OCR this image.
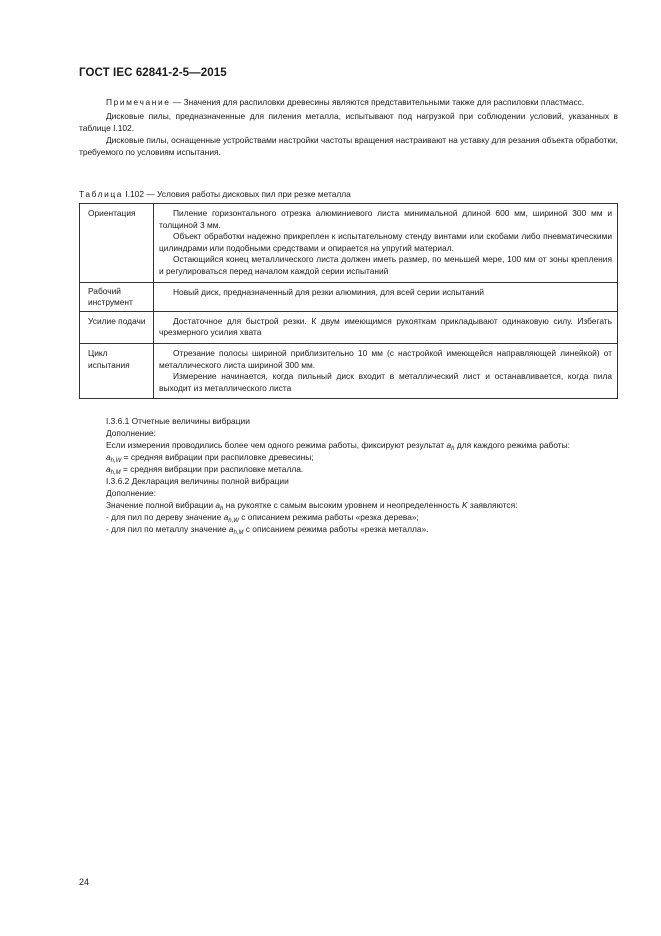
ГОСТ IEC 62841-2-5—2015

Примечание — Значения для распиловки древесины являются представительными также для распиловки пластмасс.

Дисковые пилы, предназначенные для пиления металла, испытывают под нагрузкой при соблюдении условий, указанных в таблице I.102.

Дисковые пилы, оснащенные устройствами настройки частоты вращения настраивают на уставку для резания объекта обработки, требуемого по условиям испытания.

Таблица I.102 — Условия работы дисковых пил при резке металла
Ориентация	Пиление горизонтального отрезка алюминиевого листа минимальной длиной 600 мм, шириной 300 мм и толщиной 3 мм.

Объект обработки надежно прикреплен к испытательному стенду винтами или скобами либо пневматическими цилиндрами или подобными средствами и опирается на упругий материал.

Остающийся конец металлического листа должен иметь размер, по меньшей мере, 100 мм от зоны крепления и регулироваться перед началом каждой серии испытаний

Рабочий инструмент	Новый диск, предназначенный для резки алюминия, для всей серии испытаний

Усилие подачи	Достаточное для быстрой резки. К двум имеющимся рукояткам прикладывают одинаковую силу. Избегать чрезмерного усилия хвата

Цикл испытания	Отрезание полосы шириной приблизительно 10 мм (с настройкой имеющейся направляющей линейкой) от металлического листа шириной 300 мм.

Измерение начинается, когда пильный диск входит в металлический лист и останавливается, когда пила выходит из металлического листа

I.3.6.1 Отчетные величины вибрации

Дополнение:

Если измерения проводились более чем одного режима работы, фиксируют результат $a_h$ для каждого режима работы:

$a_{h,W}$ = средняя вибрации при распиловке древесины;

$a_{h,M}$ = средняя вибрации при распиловке металла.

I.3.6.2 Декларация величины полной вибрации

Дополнение:

Значение полной вибрации $a_h$ на рукоятке с самым высоким уровнем и неопределенность K заявляются:

- для пил по дереву значение $a_{h,W}$ с описанием режима работы «резка дерева»;

- для пил по металлу значение $a_{h,M}$ с описанием режима работы «резка металла».

24
